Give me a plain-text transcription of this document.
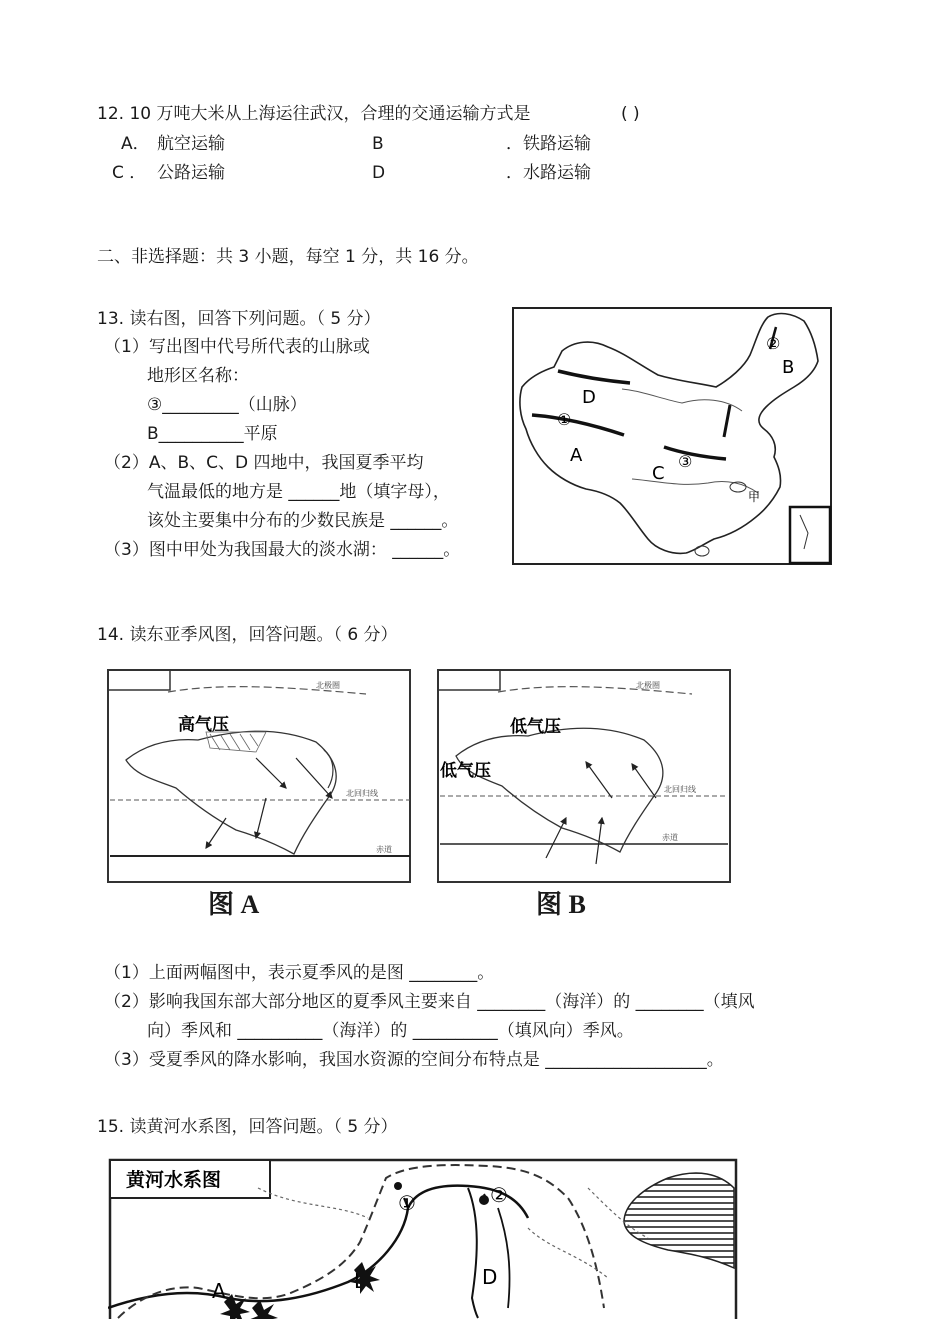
12. 10 万吨大米从上海运往武汉，合理的交通运输方式是	( )
A． 航空运输	B	．铁路运输
C ． 公路运输	D	．水路运输
二、非选择题：共 3 小题，每空 1 分，共 16 分。
13. 读右图，回答下列问题。（ 5 分）
（1）写出图中代号所代表的山脉或
地形区名称：
③_________（山脉）
B__________平原
（2）A、B、C、D 四地中，我国夏季平均
气温最低的地方是 ______地（填字母），
该处主要集中分布的少数民族是 ______。
（3）图中甲处为我国最大的淡水湖： ______。
①
②
③
A
B
C
D
甲
14. 读东亚季风图，回答问题。（ 6 分）
北极圈
北回归线
赤道
高气压
图 A
北极圈
北回归线
赤道
低气压
低气压
图 B
（1）上面两幅图中，表示夏季风的是图 ________。
（2）影响我国东部大部分地区的夏季风主要来自 ________（海洋）的 ________（填风
向）季风和 __________（海洋）的 __________（填风向）季风。
（3）受夏季风的降水影响，我国水资源的空间分布特点是 ___________________。
15. 读黄河水系图，回答问题。（ 5 分）
黄河水系图
①	②
A
D
